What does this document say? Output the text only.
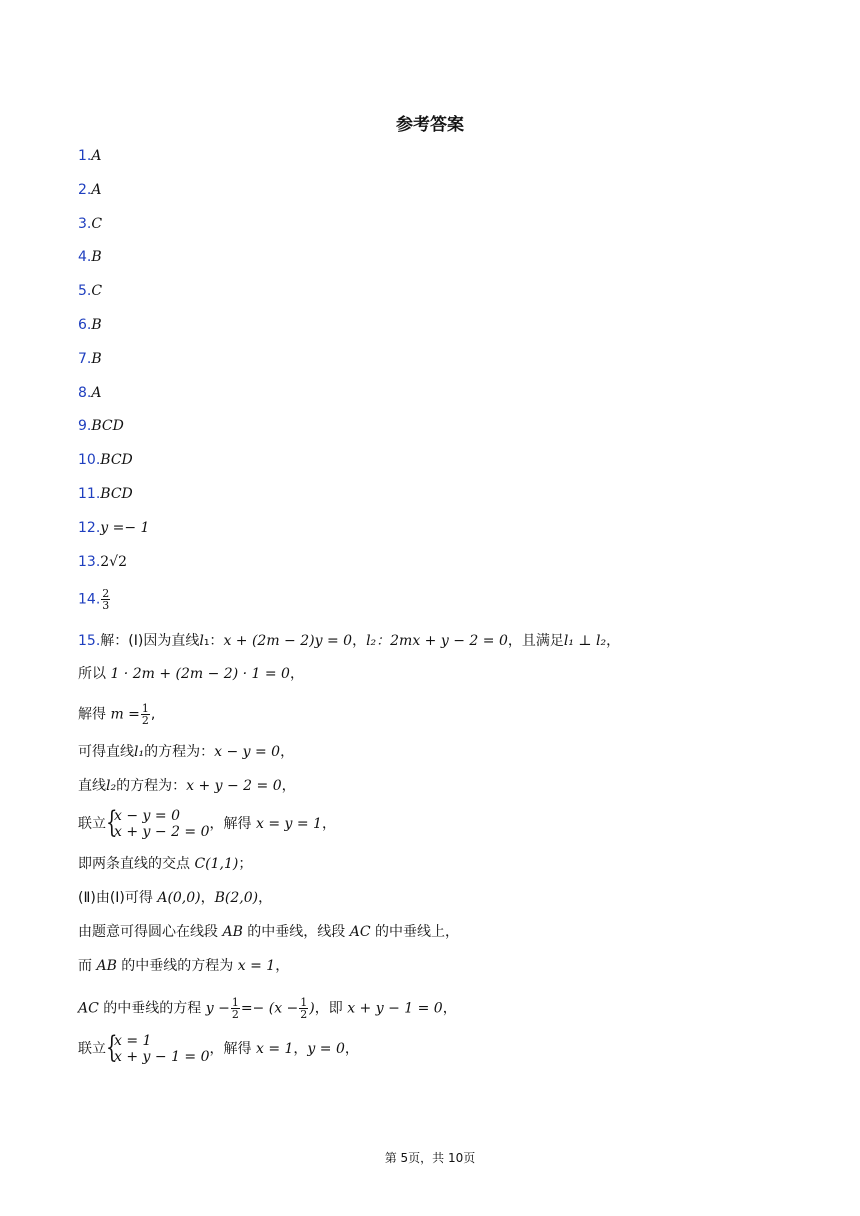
参考答案
1.A
2.A
3.C
4.B
5.C
6.B
7.B
8.A
9.BCD
10.BCD
11.BCD
12.y =− 1
13.2√2
14. $\frac{2}{3}$
15.解：(Ⅰ)因为直线l₁：x + (2m − 2)y = 0，l₂：2mx + y − 2 = 0，且满足l₁ ⊥ l₂，
所以 1 · 2m + (2m − 2) · 1 = 0，
解得 $m = \frac{1}{2}$ ,
可得直线l₁的方程为：x − y = 0，
直线l₂的方程为：x + y − 2 = 0，
联立 {
x − y = 0
x + y − 2 = 0 ，解得 x = y = 1，
即两条直线的交点 C(1,1)；
(Ⅱ)由(Ⅰ)可得 A(0,0)，B(2,0)，
由题意可得圆心在线段 AB 的中垂线，线段 AC 的中垂线上，
而 AB 的中垂线的方程为 x = 1，
AC 的中垂线的方程 $y - \frac{1}{2} =- (x - \frac{1}{2}$ )，即 x + y − 1 = 0，
联立 {
x = 1
x + y − 1 = 0 ，解得 x = 1，y = 0，
第 5页，共 10页
